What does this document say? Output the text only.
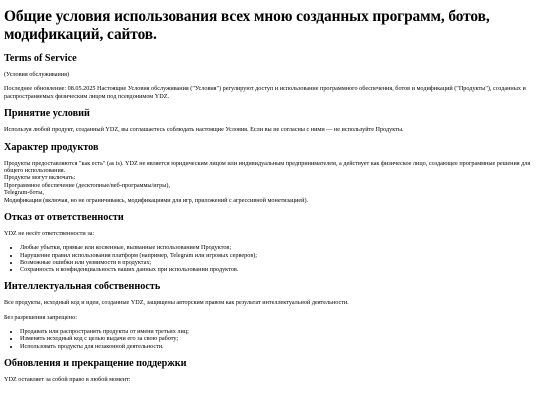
Общие условия использования всех мною созданных программ, ботов, модификаций, сайтов.
Terms of Service

(Условия обслуживания)

Последнее обновление: 08.05.2025 Настоящие Условия обслуживания ("Условия") регулируют доступ и использование программного обеспечения, ботов и модификаций ("Продукты"), созданных и распространяемых физическим лицом под псевдонимом YDZ.

Принятие условий

Используя любой продукт, созданный YDZ, вы соглашаетесь соблюдать настоящие Условия. Если вы не согласны с ними — не используйте Продукты.

Характер продуктов

Продукты предоставляются "как есть" (as is). YDZ не является юридическим лицом или индивидуальным предпринимателем, а действует как физическое лицо, создающее программные решения для общего использования.
Продукты могут включать:
Программное обеспечение (десктопные/веб-программы/игры),
Telegram-боты,
Модификации (включая, но не ограничиваясь, модификациями для игр, приложений с агрессивной монетизацией).

Отказ от ответственности

YDZ не несёт ответственности за:

• Любые убытки, прямые или косвенные, вызванные использованием Продуктов;
• Нарушение правил использования платформ (например, Telegram или игровых серверов);
• Возможные ошибки или уязвимости в продуктах;
• Сохранность и конфиденциальность ваших данных при использовании продуктов.
Интеллектуальная собственность

Все продукты, исходный код и идеи, созданные YDZ, защищены авторским правом как результат интеллектуальной деятельности.

Без разрешения запрещено:

• Продавать или распространять продукты от имени третьих лиц;
• Изменять исходный код с целью выдачи его за свою работу;
• Использовать продукты для незаконной деятельности.
Обновления и прекращение поддержки

YDZ оставляет за собой право в любой момент:
